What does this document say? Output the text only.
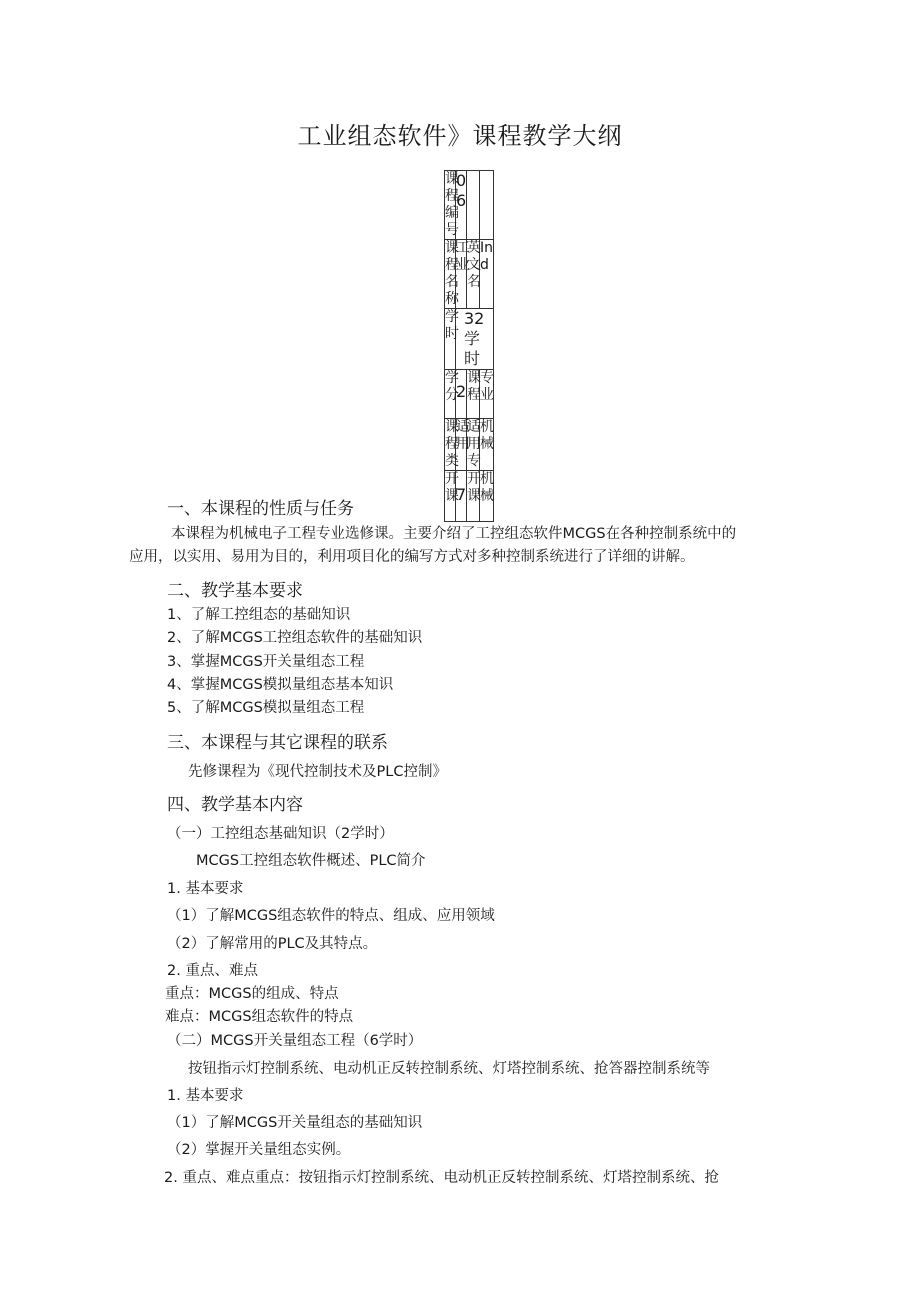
工业组态软件》课程教学大纲
课程编号	06		
课程名称	工业	英文名	Ind
学时	32学时		
学分	2	课程	专业
课程类	适用	适用专	机械
开课	7	开课	机械
一、本课程的性质与任务
本课程为机械电子工程专业选修课。主要介绍了工控组态软件MCGS在各种控制系统中的
应用，以实用、易用为目的，利用项目化的编写方式对多种控制系统进行了详细的讲解。
二、教学基本要求
1、了解工控组态的基础知识
2、了解MCGS工控组态软件的基础知识
3、掌握MCGS开关量组态工程
4、掌握MCGS模拟量组态基本知识
5、了解MCGS模拟量组态工程
三、本课程与其它课程的联系
先修课程为《现代控制技术及PLC控制》
四、教学基本内容
（一）工控组态基础知识（2学时）
MCGS工控组态软件概述、PLC简介
1. 基本要求
（1）了解MCGS组态软件的特点、组成、应用领域
（2）了解常用的PLC及其特点。
2. 重点、难点
重点：MCGS的组成、特点
难点：MCGS组态软件的特点
（二）MCGS开关量组态工程（6学时）
按钮指示灯控制系统、电动机正反转控制系统、灯塔控制系统、抢答器控制系统等
1. 基本要求
（1）了解MCGS开关量组态的基础知识
（2）掌握开关量组态实例。
2. 重点、难点重点：按钮指示灯控制系统、电动机正反转控制系统、灯塔控制系统、抢
